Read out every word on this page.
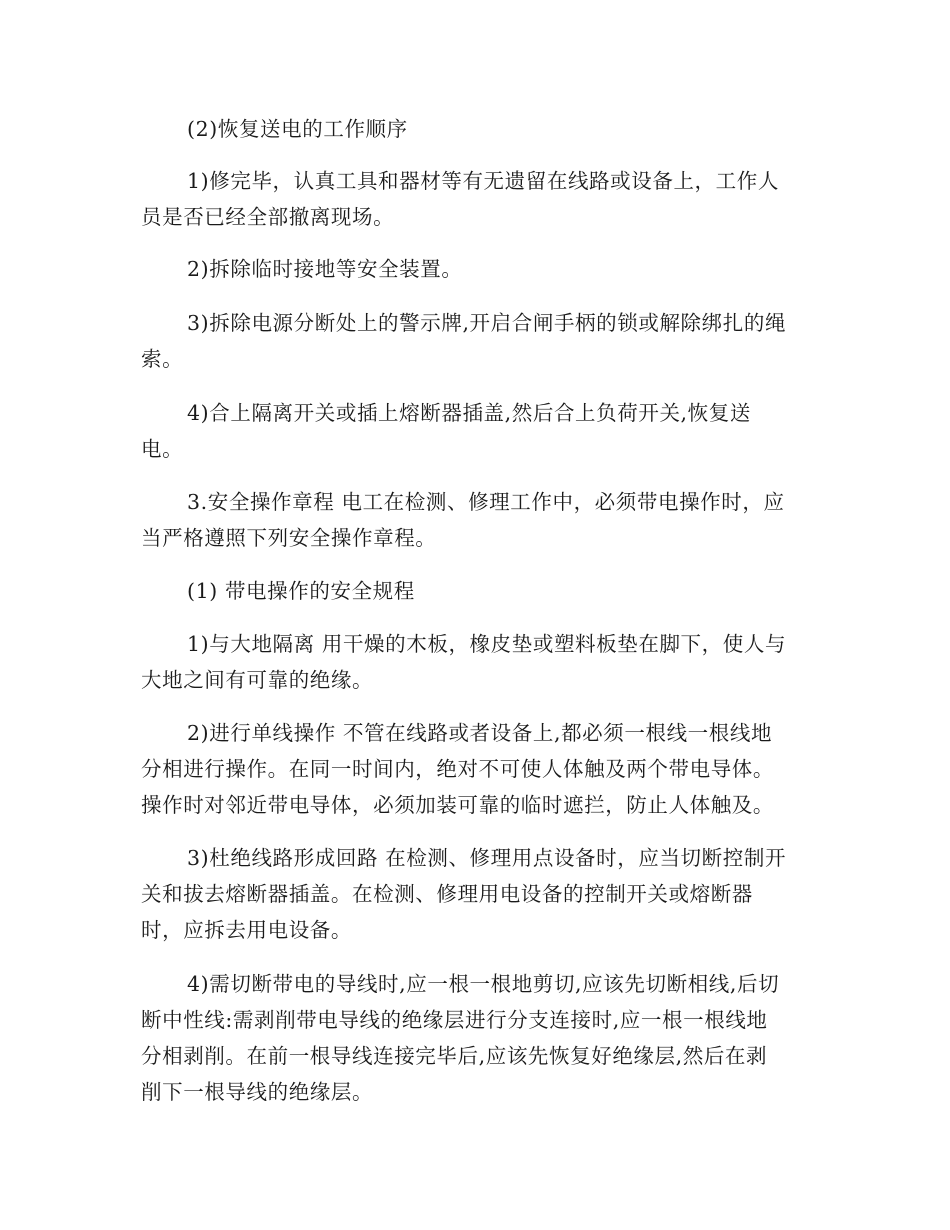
(2)恢复送电的工作顺序
1)修完毕，认真工具和器材等有无遗留在线路或设备上，工作人
员是否已经全部撤离现场。
2)拆除临时接地等安全装置。
3)拆除电源分断处上的警示牌,开启合闸手柄的锁或解除绑扎的绳
索。
4)合上隔离开关或插上熔断器插盖,然后合上负荷开关,恢复送
电。
3.安全操作章程 电工在检测、修理工作中，必须带电操作时，应
当严格遵照下列安全操作章程。
(1) 带电操作的安全规程
1)与大地隔离 用干燥的木板，橡皮垫或塑料板垫在脚下，使人与
大地之间有可靠的绝缘。
2)进行单线操作 不管在线路或者设备上,都必须一根线一根线地
分相进行操作。在同一时间内，绝对不可使人体触及两个带电导体。
操作时对邻近带电导体，必须加装可靠的临时遮拦，防止人体触及。
3)杜绝线路形成回路 在检测、修理用点设备时，应当切断控制开
关和拔去熔断器插盖。在检测、修理用电设备的控制开关或熔断器
时，应拆去用电设备。
4)需切断带电的导线时,应一根一根地剪切,应该先切断相线,后切
断中性线:需剥削带电导线的绝缘层进行分支连接时,应一根一根线地
分相剥削。在前一根导线连接完毕后,应该先恢复好绝缘层,然后在剥
削下一根导线的绝缘层。
